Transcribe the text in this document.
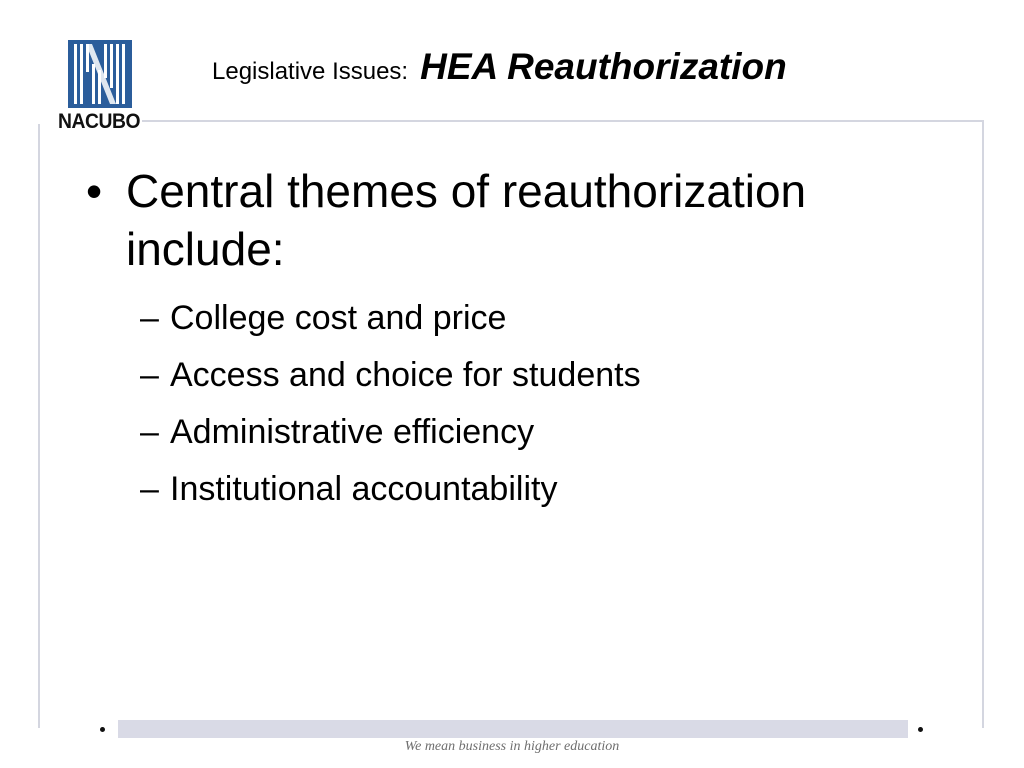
NACUBO
Legislative Issues: HEA Reauthorization
• Central themes of reauthorization include:
– College cost and price
– Access and choice for students
– Administrative efficiency
– Institutional accountability
We mean business in higher education
